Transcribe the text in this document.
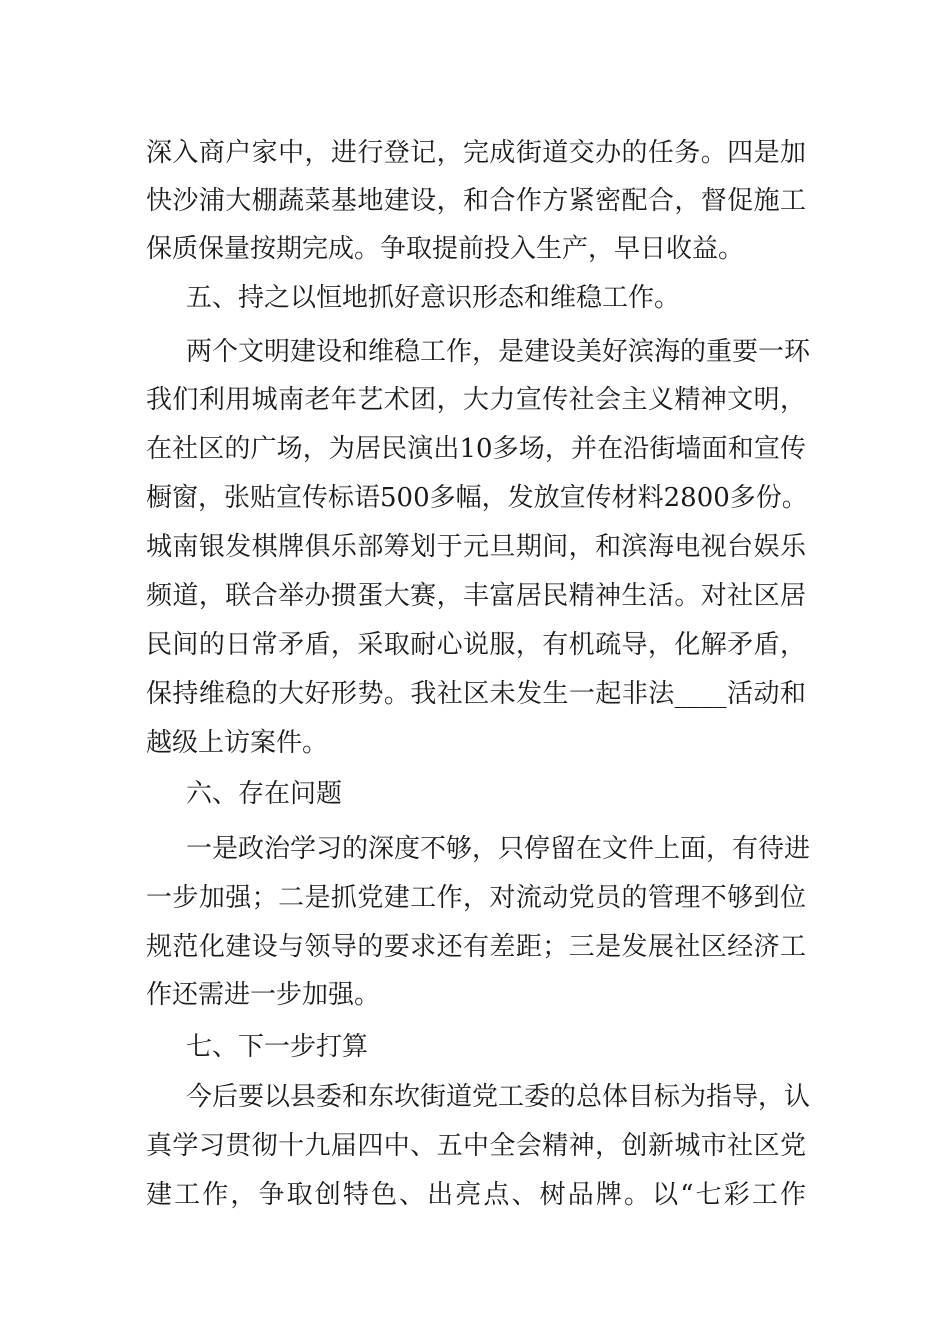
深入商户家中，进行登记，完成街道交办的任务。四是加
快沙浦大棚蔬菜基地建设，和合作方紧密配合，督促施工
保质保量按期完成。争取提前投入生产，早日收益。
五、持之以恒地抓好意识形态和维稳工作。
两个文明建设和维稳工作，是建设美好滨海的重要一环
我们利用城南老年艺术团，大力宣传社会主义精神文明，
在社区的广场，为居民演出10多场，并在沿街墙面和宣传
橱窗，张贴宣传标语500多幅，发放宣传材料2800多份。
城南银发棋牌俱乐部筹划于元旦期间，和滨海电视台娱乐
频道，联合举办掼蛋大赛，丰富居民精神生活。对社区居
民间的日常矛盾，采取耐心说服，有机疏导，化解矛盾，
保持维稳的大好形势。我社区未发生一起非法____活动和
越级上访案件。
六、存在问题
一是政治学习的深度不够，只停留在文件上面，有待进
一步加强；二是抓党建工作，对流动党员的管理不够到位
规范化建设与领导的要求还有差距；三是发展社区经济工
作还需进一步加强。
七、下一步打算
今后要以县委和东坎街道党工委的总体目标为指导，认
真学习贯彻十九届四中、五中全会精神，创新城市社区党
建工作，争取创特色、出亮点、树品牌。以“七彩工作
